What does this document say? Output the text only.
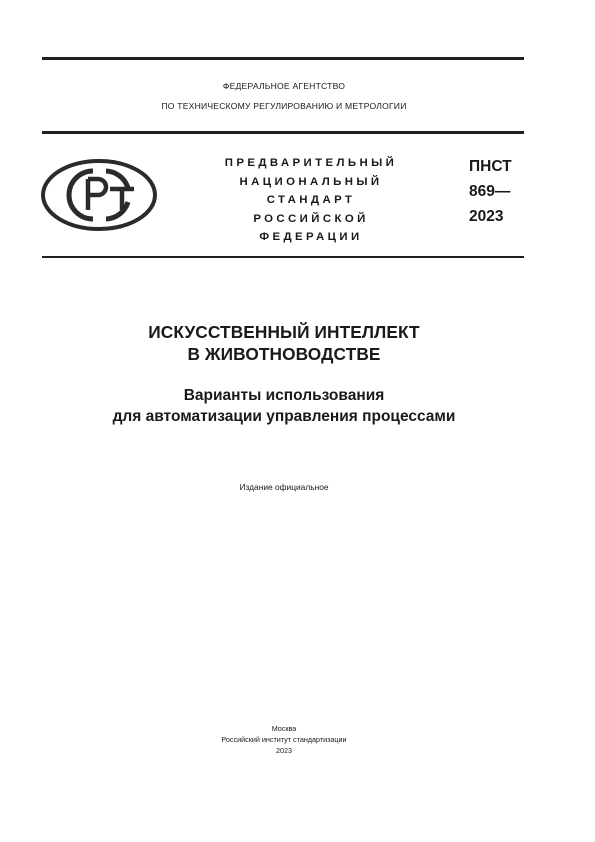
ФЕДЕРАЛЬНОЕ АГЕНТСТВО
ПО ТЕХНИЧЕСКОМУ РЕГУЛИРОВАНИЮ И МЕТРОЛОГИИ
ПРЕДВАРИТЕЛЬНЫЙ
НАЦИОНАЛЬНЫЙ
СТАНДАРТ
РОССИЙСКОЙ
ФЕДЕРАЦИИ
ПНСТ
869—
2023
ИСКУССТВЕННЫЙ ИНТЕЛЛЕКТ
В ЖИВОТНОВОДСТВЕ
Варианты использования
для автоматизации управления процессами
Издание официальное
Москва
Российский институт стандартизации
2023
